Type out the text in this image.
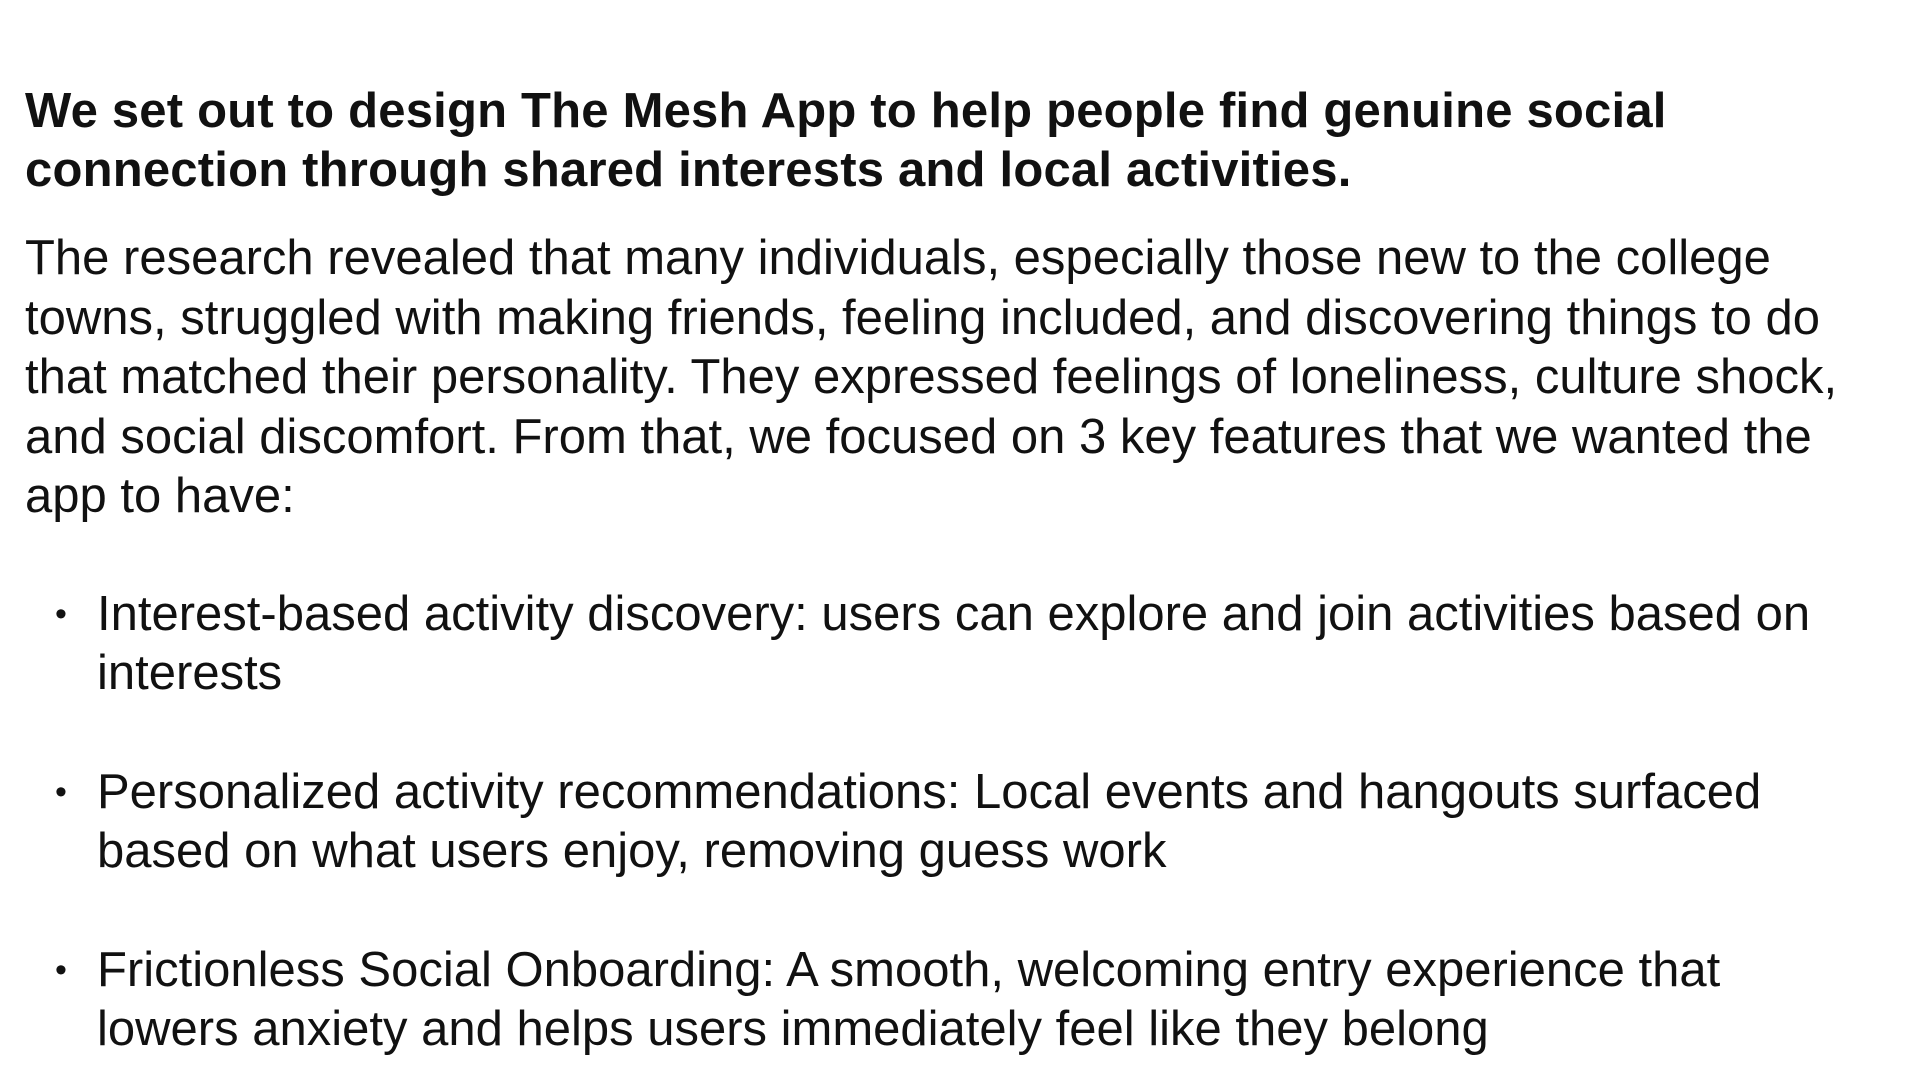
We set out to design The Mesh App to help people find genuine social connection through shared interests and local activities.

The research revealed that many individuals, especially those new to the college towns, struggled with making friends, feeling included, and discovering things to do that matched their personality. They expressed feelings of loneliness, culture shock, and social discomfort. From that, we focused on 3 key features that we wanted the app to have:

• Interest-based activity discovery: users can explore and join activities based on interests
• Personalized activity recommendations: Local events and hangouts surfaced based on what users enjoy, removing guess work
• Frictionless Social Onboarding: A smooth, welcoming entry experience that lowers anxiety and helps users immediately feel like they belong
